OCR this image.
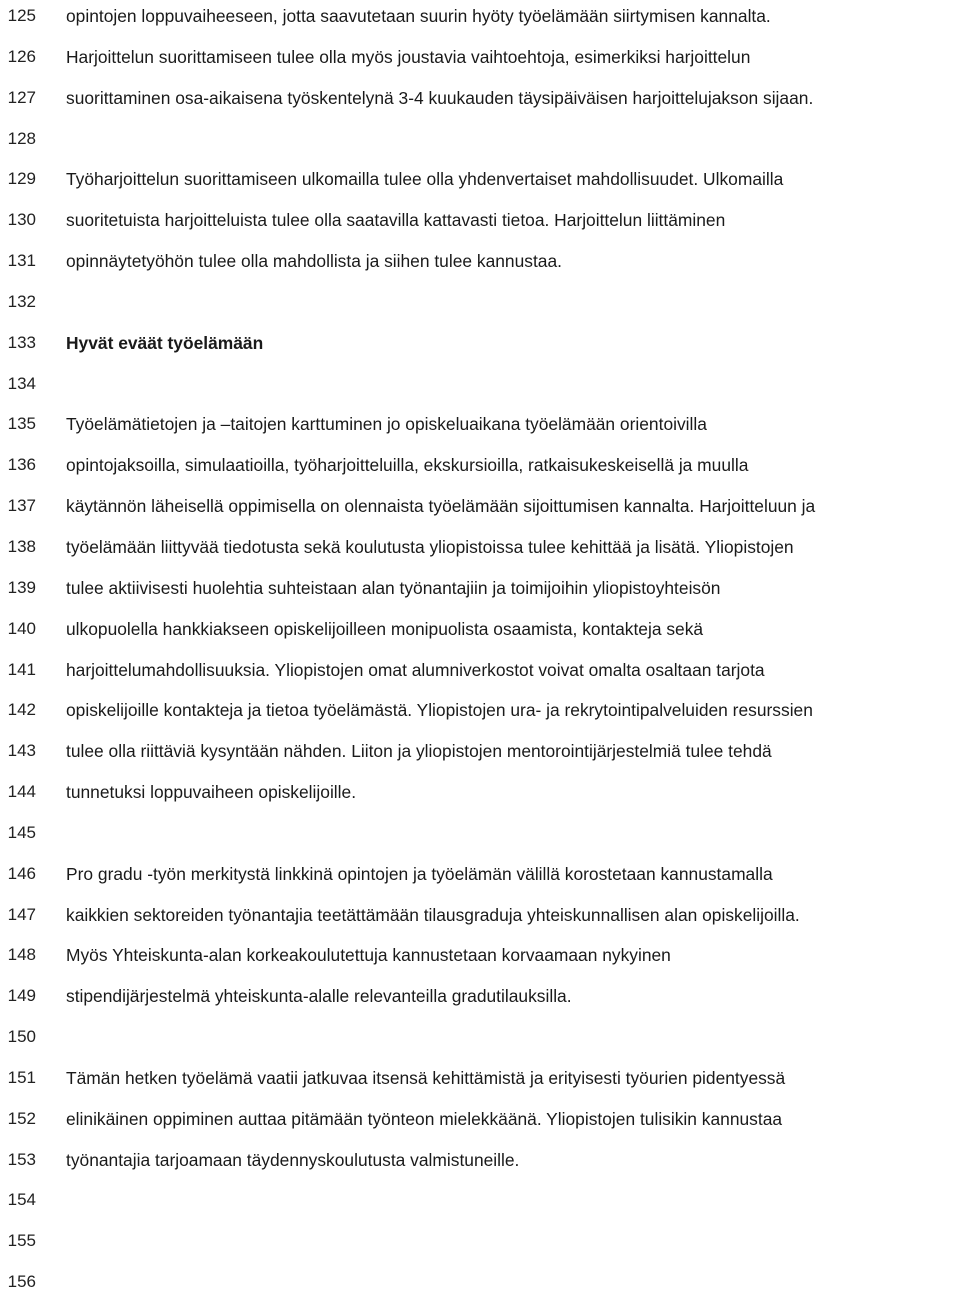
125 opintojen loppuvaiheeseen, jotta saavutetaan suurin hyöty työelämään siirtymisen kannalta.
126 Harjoittelun suorittamiseen tulee olla myös joustavia vaihtoehtoja, esimerkiksi harjoittelun
127 suorittaminen osa-aikaisena työskentelynä 3-4 kuukauden täysipäiväisen harjoittelujakson sijaan.
128
129 Työharjoittelun suorittamiseen ulkomailla tulee olla yhdenvertaiset mahdollisuudet. Ulkomailla
130 suoritetuista harjoitteluista tulee olla saatavilla kattavasti tietoa. Harjoittelun liittäminen
131 opinnäytetyöhön tulee olla mahdollista ja siihen tulee kannustaa.
132
133 Hyvät eväät työelämään
134
135 Työelämätietojen ja –taitojen karttuminen jo opiskeluaikana työelämään orientoivilla
136 opintojaksoilla, simulaatioilla, työharjoitteluilla, ekskursioilla, ratkaisukeskeisellä ja muulla
137 käytännön läheisellä oppimisella on olennaista työelämään sijoittumisen kannalta. Harjoitteluun ja
138 työelämään liittyvää tiedotusta sekä koulutusta yliopistoissa tulee kehittää ja lisätä. Yliopistojen
139 tulee aktiivisesti huolehtia suhteistaan alan työnantajiin ja toimijoihin yliopistoyhteisön
140 ulkopuolella hankkiakseen opiskelijoilleen monipuolista osaamista, kontakteja sekä
141 harjoittelumahdollisuuksia. Yliopistojen omat alumniverkostot voivat omalta osaltaan tarjota
142 opiskelijoille kontakteja ja tietoa työelämästä. Yliopistojen ura- ja rekrytointipalveluiden resurssien
143 tulee olla riittäviä kysyntään nähden. Liiton ja yliopistojen mentorointijärjestelmiä tulee tehdä
144 tunnetuksi loppuvaiheen opiskelijoille.
145
146 Pro gradu -työn merkitystä linkkinä opintojen ja työelämän välillä korostetaan kannustamalla
147 kaikkien sektoreiden työnantajia teetättämään tilausgraduja yhteiskunnallisen alan opiskelijoilla.
148 Myös Yhteiskunta-alan korkeakoulutettuja kannustetaan korvaamaan nykyinen
149 stipendijärjestelmä yhteiskunta-alalle relevanteilla gradutilauksilla.
150
151 Tämän hetken työelämä vaatii jatkuvaa itsensä kehittämistä ja erityisesti työurien pidentyessä
152 elinikäinen oppiminen auttaa pitämään työnteon mielekkäänä. Yliopistojen tulisikin kannustaa
153 työnantajia tarjoamaan täydennyskoulutusta valmistuneille.
154
155
156
